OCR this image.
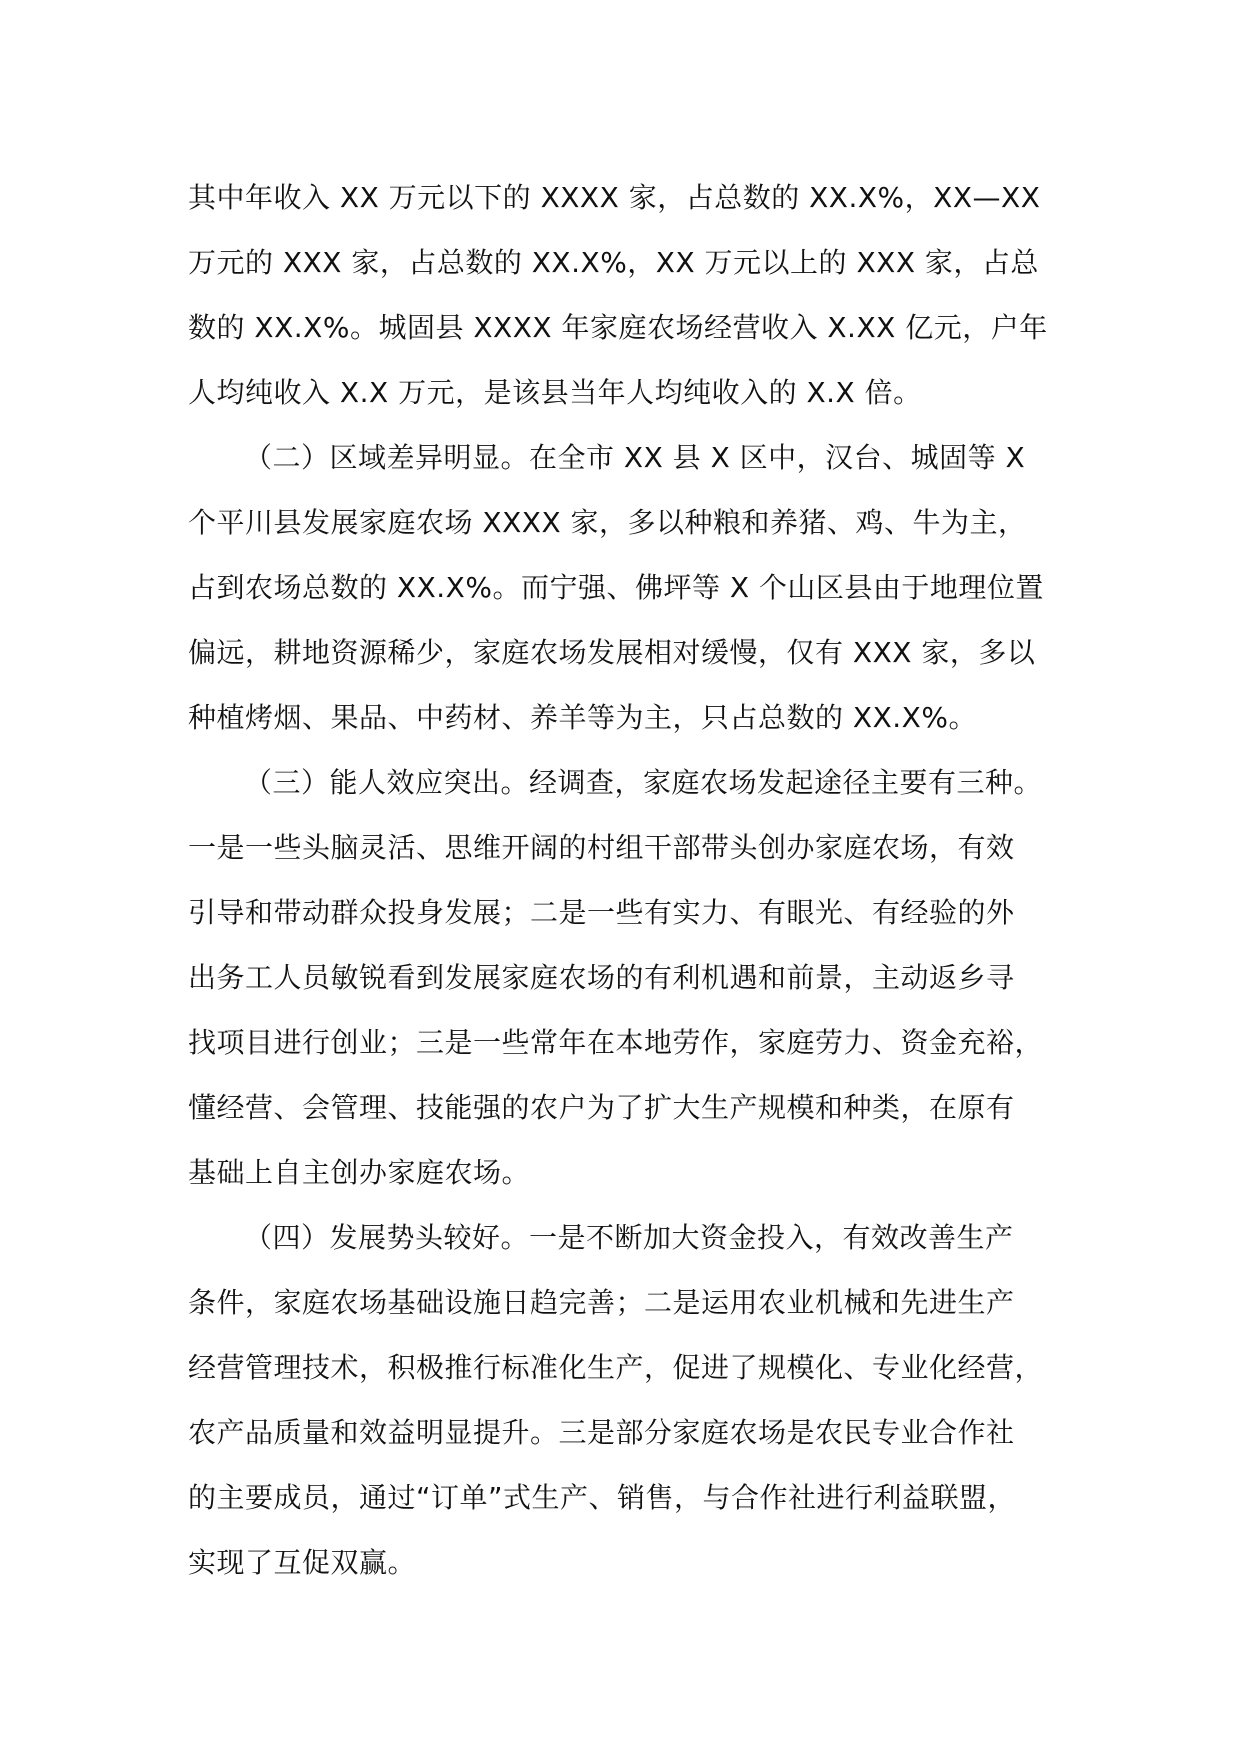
其中年收入 XX 万元以下的 XXXX 家，占总数的 XX.X%，XX—XX
万元的 XXX 家，占总数的 XX.X%，XX 万元以上的 XXX 家，占总
数的 XX.X%。城固县 XXXX 年家庭农场经营收入 X.XX 亿元，户年
人均纯收入 X.X 万元，是该县当年人均纯收入的 X.X 倍。
（二）区域差异明显。在全市 XX 县 X 区中，汉台、城固等 X
个平川县发展家庭农场 XXXX 家，多以种粮和养猪、鸡、牛为主，
占到农场总数的 XX.X%。而宁强、佛坪等 X 个山区县由于地理位置
偏远，耕地资源稀少，家庭农场发展相对缓慢，仅有 XXX 家，多以
种植烤烟、果品、中药材、养羊等为主，只占总数的 XX.X%。
（三）能人效应突出。经调查，家庭农场发起途径主要有三种。
一是一些头脑灵活、思维开阔的村组干部带头创办家庭农场，有效
引导和带动群众投身发展；二是一些有实力、有眼光、有经验的外
出务工人员敏锐看到发展家庭农场的有利机遇和前景，主动返乡寻
找项目进行创业；三是一些常年在本地劳作，家庭劳力、资金充裕，
懂经营、会管理、技能强的农户为了扩大生产规模和种类，在原有
基础上自主创办家庭农场。
（四）发展势头较好。一是不断加大资金投入，有效改善生产
条件，家庭农场基础设施日趋完善；二是运用农业机械和先进生产
经营管理技术，积极推行标准化生产，促进了规模化、专业化经营，
农产品质量和效益明显提升。三是部分家庭农场是农民专业合作社
的主要成员，通过“订单”式生产、销售，与合作社进行利益联盟，
实现了互促双赢。
